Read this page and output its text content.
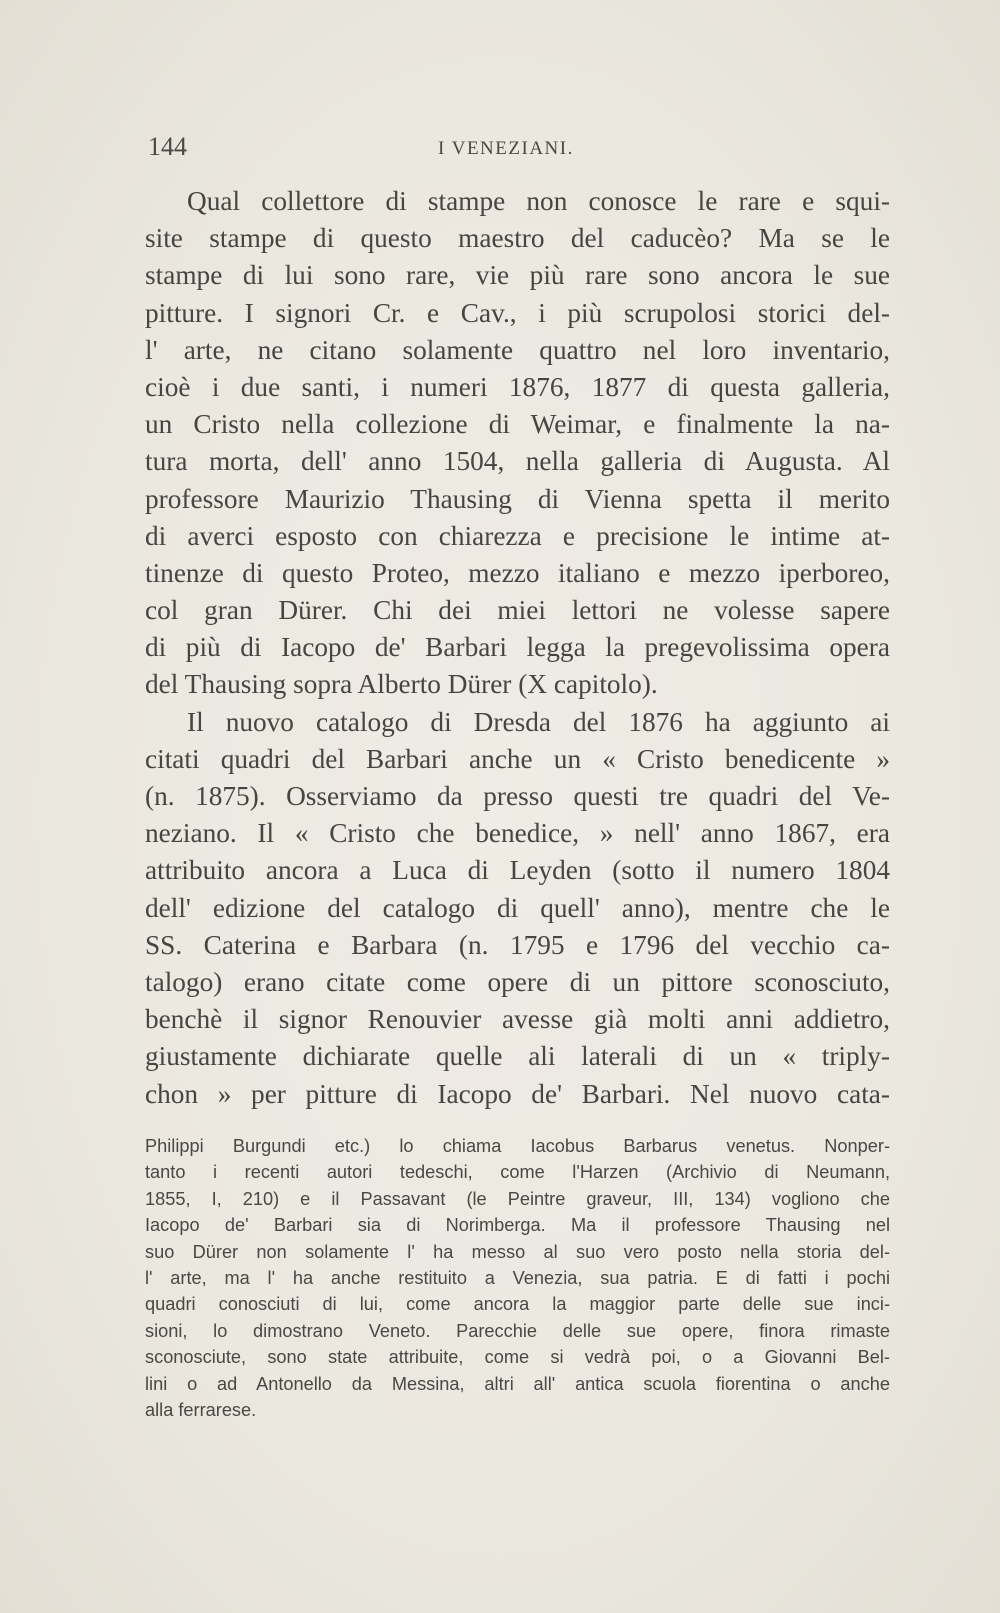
144	I VENEZIANI.
Qual collettore di stampe non conosce le rare e squi-
site stampe di questo maestro del caducèo? Ma se le
stampe di lui sono rare, vie più rare sono ancora le sue
pitture. I signori Cr. e Cav., i più scrupolosi storici del-
l' arte, ne citano solamente quattro nel loro inventario,
cioè i due santi, i numeri 1876, 1877 di questa galleria,
un Cristo nella collezione di Weimar, e finalmente la na-
tura morta, dell' anno 1504, nella galleria di Augusta. Al
professore Maurizio Thausing di Vienna spetta il merito
di averci esposto con chiarezza e precisione le intime at-
tinenze di questo Proteo, mezzo italiano e mezzo iperboreo,
col gran Dürer. Chi dei miei lettori ne volesse sapere
di più di Iacopo de' Barbari legga la pregevolissima opera
del Thausing sopra Alberto Dürer (X capitolo).
Il nuovo catalogo di Dresda del 1876 ha aggiunto ai
citati quadri del Barbari anche un « Cristo benedicente »
(n. 1875). Osserviamo da presso questi tre quadri del Ve-
neziano. Il « Cristo che benedice, » nell' anno 1867, era
attribuito ancora a Luca di Leyden (sotto il numero 1804
dell' edizione del catalogo di quell' anno), mentre che le
SS. Caterina e Barbara (n. 1795 e 1796 del vecchio ca-
talogo) erano citate come opere di un pittore sconosciuto,
benchè il signor Renouvier avesse già molti anni addietro,
giustamente dichiarate quelle ali laterali di un « triply-
chon » per pitture di Iacopo de' Barbari. Nel nuovo cata-
Philippi Burgundi etc.) lo chiama Iacobus Barbarus venetus. Nonper-
tanto i recenti autori tedeschi, come l'Harzen (Archivio di Neumann,
1855, I, 210) e il Passavant (le Peintre graveur, III, 134) vogliono che
Iacopo de' Barbari sia di Norimberga. Ma il professore Thausing nel
suo Dürer non solamente l' ha messo al suo vero posto nella storia del-
l' arte, ma l' ha anche restituito a Venezia, sua patria. E di fatti i pochi
quadri conosciuti di lui, come ancora la maggior parte delle sue inci-
sioni, lo dimostrano Veneto. Parecchie delle sue opere, finora rimaste
sconosciute, sono state attribuite, come si vedrà poi, o a Giovanni Bel-
lini o ad Antonello da Messina, altri all' antica scuola fiorentina o anche
alla ferrarese.
